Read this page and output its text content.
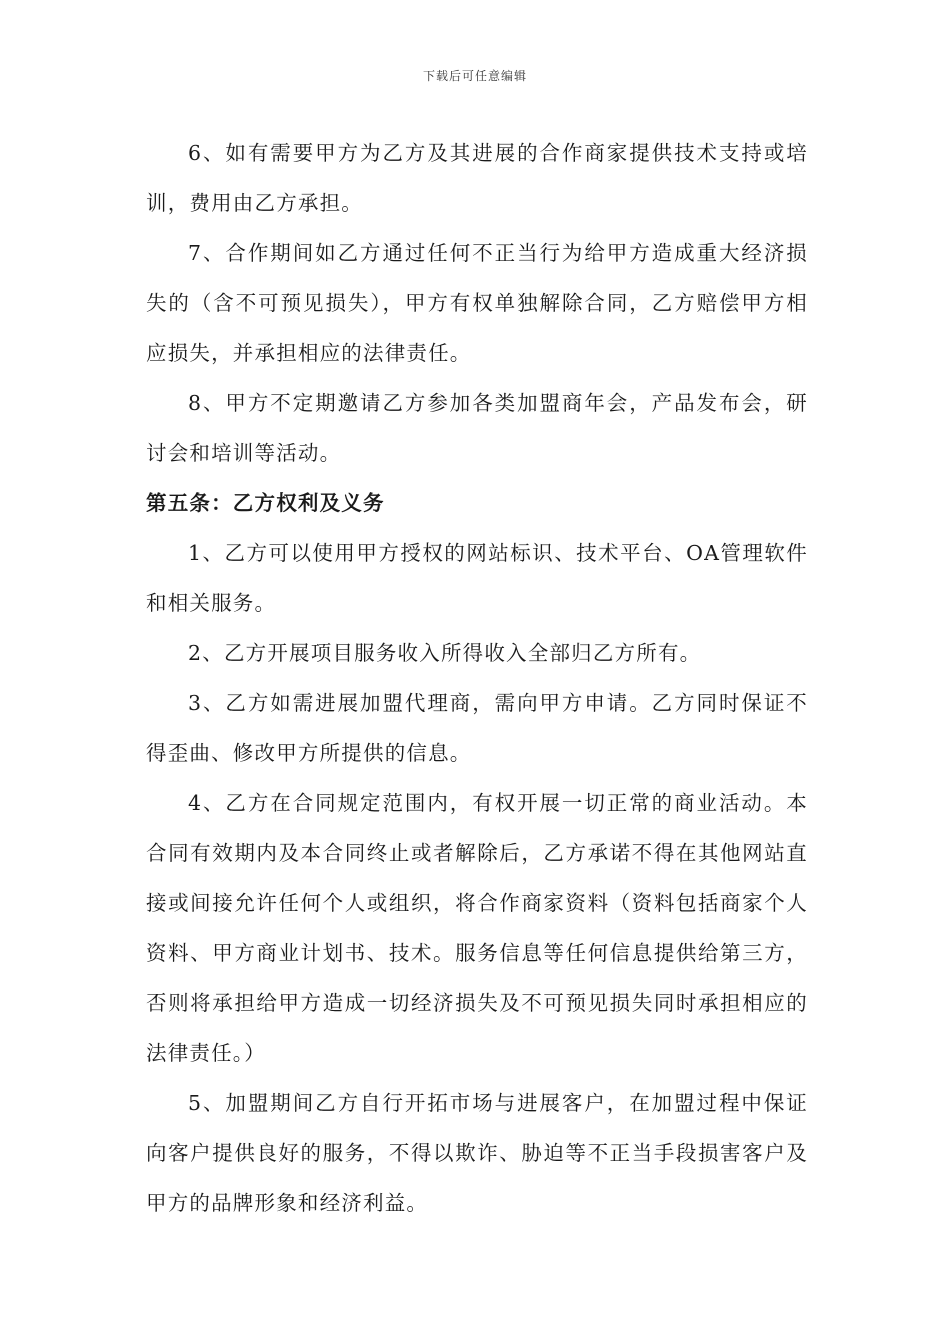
下载后可任意编辑

6、如有需要甲方为乙方及其进展的合作商家提供技术支持或培训，费用由乙方承担。

7、合作期间如乙方通过任何不正当行为给甲方造成重大经济损失的（含不可预见损失），甲方有权单独解除合同，乙方赔偿甲方相应损失，并承担相应的法律责任。

8、甲方不定期邀请乙方参加各类加盟商年会，产品发布会，研讨会和培训等活动。

第五条：乙方权利及义务

1、乙方可以使用甲方授权的网站标识、技术平台、OA管理软件和相关服务。

2、乙方开展项目服务收入所得收入全部归乙方所有。

3、乙方如需进展加盟代理商，需向甲方申请。乙方同时保证不得歪曲、修改甲方所提供的信息。

4、乙方在合同规定范围内，有权开展一切正常的商业活动。本合同有效期内及本合同终止或者解除后，乙方承诺不得在其他网站直接或间接允许任何个人或组织，将合作商家资料（资料包括商家个人资料、甲方商业计划书、技术。服务信息等任何信息提供给第三方，否则将承担给甲方造成一切经济损失及不可预见损失同时承担相应的法律责任。）

5、加盟期间乙方自行开拓市场与进展客户，在加盟过程中保证向客户提供良好的服务，不得以欺诈、胁迫等不正当手段损害客户及甲方的品牌形象和经济利益。
